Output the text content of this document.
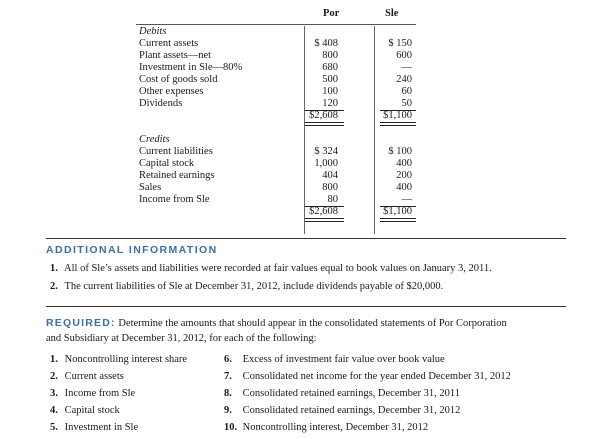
Por	Sle
Debits
Current assets	$ 408	$ 150
Plant assets—net	800	600
Investment in Sle—80%	680	—
Cost of goods sold	500	240
Other expenses	100	60
Dividends	120	50
$2,608	$1,100
Credits
Current liabilities	$ 324	$ 100
Capital stock	1,000	400
Retained earnings	404	200
Sales	800	400
Income from Sle	80	—
$2,608	$1,100
ADDITIONAL INFORMATION
1. All of Sle’s assets and liabilities were recorded at fair values equal to book values on January 3, 2011.
2. The current liabilities of Sle at December 31, 2012, include dividends payable of $20,000.
REQUIRED: Determine the amounts that should appear in the consolidated statements of Por Corporation
and Subsidiary at December 31, 2012, for each of the following:
1. Noncontrolling interest share
2. Current assets
3. Income from Sle
4. Capital stock
5. Investment in Sle
6. Excess of investment fair value over book value
7. Consolidated net income for the year ended December 31, 2012
8. Consolidated retained earnings, December 31, 2011
9. Consolidated retained earnings, December 31, 2012
10. Noncontrolling interest, December 31, 2012
